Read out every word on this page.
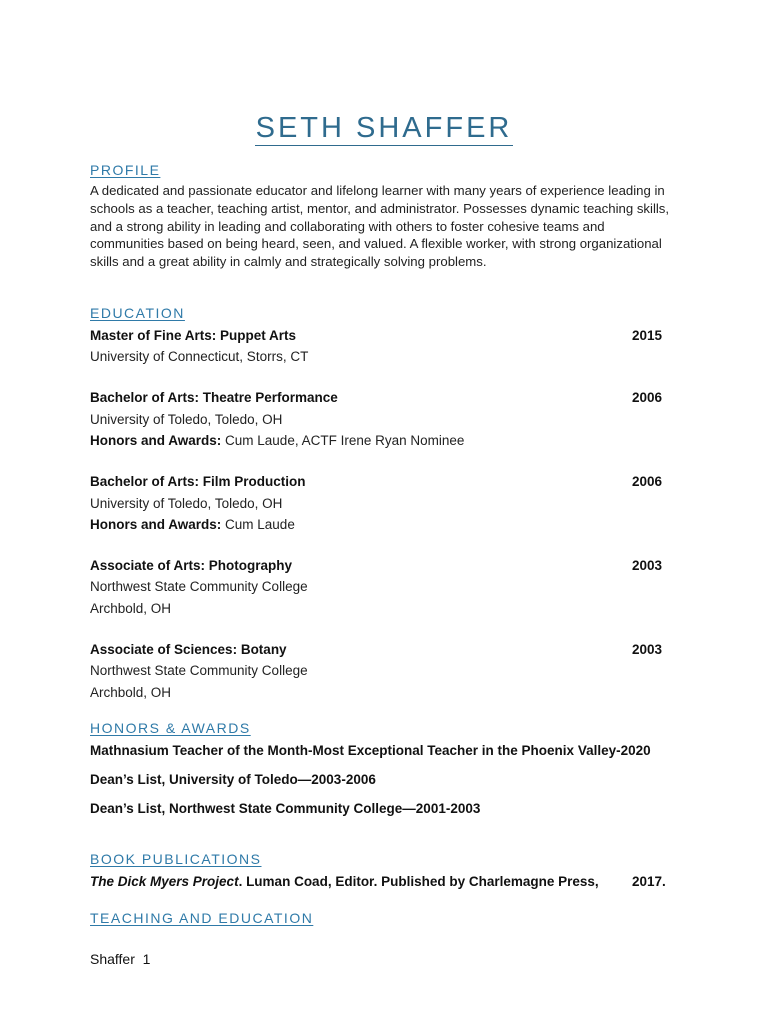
SETH SHAFFER
PROFILE
A dedicated and passionate educator and lifelong learner with many years of experience leading in schools as a teacher, teaching artist, mentor, and administrator. Possesses dynamic teaching skills, and a strong ability in leading and collaborating with others to foster cohesive teams and communities based on being heard, seen, and valued. A flexible worker, with strong organizational skills and a great ability in calmly and strategically solving problems.
EDUCATION
Master of Fine Arts: Puppet Arts	2015
University of Connecticut, Storrs, CT
Bachelor of Arts: Theatre Performance	2006
University of Toledo, Toledo, OH
Honors and Awards: Cum Laude, ACTF Irene Ryan Nominee
Bachelor of Arts: Film Production	2006
University of Toledo, Toledo, OH
Honors and Awards: Cum Laude
Associate of Arts: Photography	2003
Northwest State Community College
Archbold, OH
Associate of Sciences: Botany	2003
Northwest State Community College
Archbold, OH
HONORS & AWARDS
Mathnasium Teacher of the Month-Most Exceptional Teacher in the Phoenix Valley-2020
Dean’s List, University of Toledo—2003-2006
Dean’s List, Northwest State Community College—2001-2003
BOOK PUBLICATIONS
The Dick Myers Project. Luman Coad, Editor. Published by Charlemagne Press,	2017.
TEACHING AND EDUCATION
Shaffer  1
